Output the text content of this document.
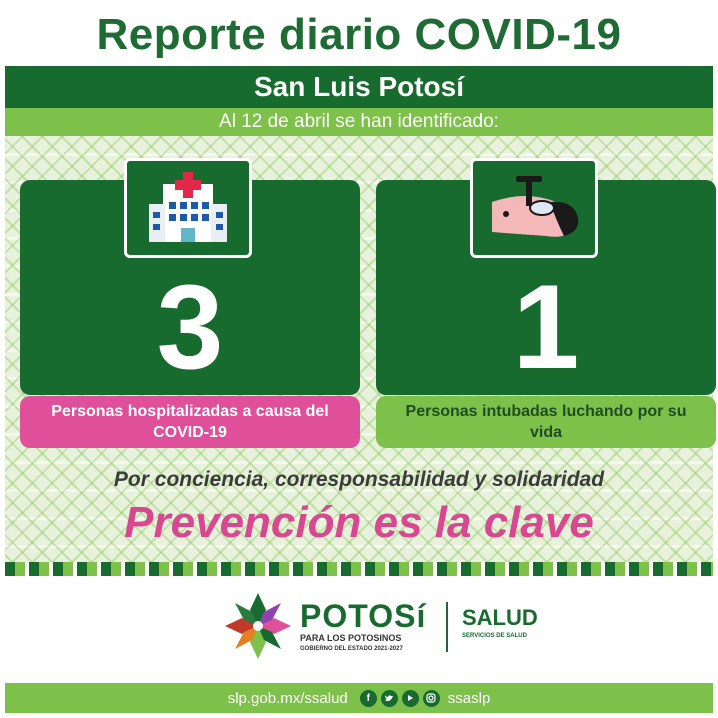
Reporte diario COVID-19
San Luis Potosí
Al 12 de abril se han identificado:
3
Personas hospitalizadas a causa del COVID-19
1
Personas intubadas luchando por su vida
Por conciencia, corresponsabilidad y solidaridad
Prevención es la clave
POTOSí
PARA LOS POTOSINOS
GOBIERNO DEL ESTADO 2021-2027
SALUD
SERVICIOS DE SALUD
slp.gob.mx/ssalud	f	ssaslp
